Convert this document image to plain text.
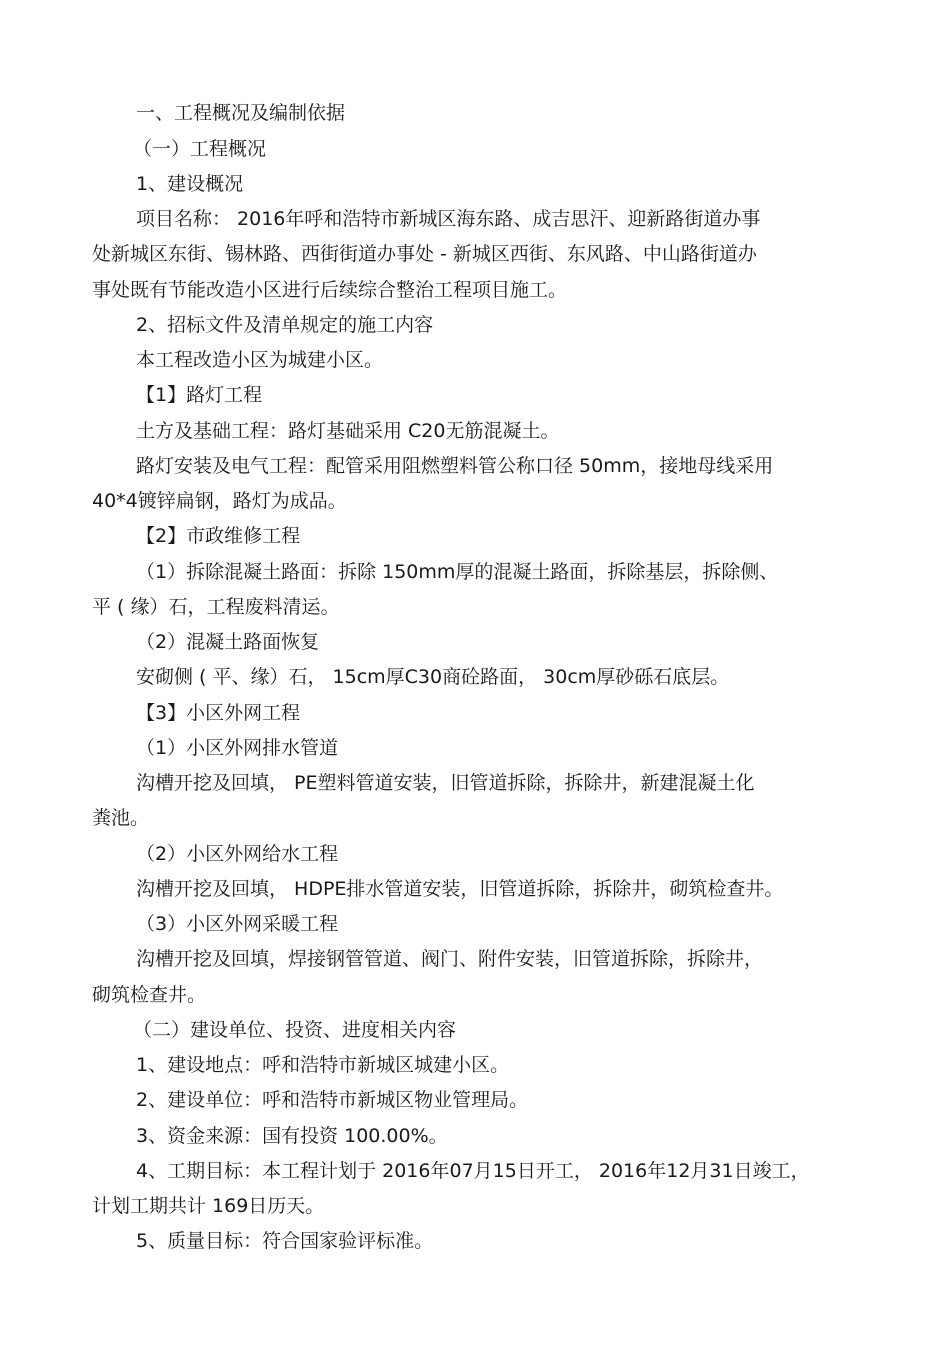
一、工程概况及编制依据
（一）工程概况
1、建设概况
项目名称： 2016年呼和浩特市新城区海东路、成吉思汗、迎新路街道办事
处新城区东街、锡林路、西街街道办事处 - 新城区西街、东风路、中山路街道办
事处既有节能改造小区进行后续综合整治工程项目施工。
2、招标文件及清单规定的施工内容
本工程改造小区为城建小区。
【1】路灯工程
土方及基础工程：路灯基础采用 C20无筋混凝土。
路灯安装及电气工程：配管采用阻燃塑料管公称口径 50mm，接地母线采用
40*4镀锌扁钢，路灯为成品。
【2】市政维修工程
（1）拆除混凝土路面：拆除 150mm厚的混凝土路面，拆除基层，拆除侧、
平 ( 缘）石，工程废料清运。
（2）混凝土路面恢复
安砌侧 ( 平、缘）石， 15cm厚C30商砼路面， 30cm厚砂砾石底层。
【3】小区外网工程
（1）小区外网排水管道
沟槽开挖及回填， PE塑料管道安装，旧管道拆除，拆除井，新建混凝土化
粪池。
（2）小区外网给水工程
沟槽开挖及回填， HDPE排水管道安装，旧管道拆除，拆除井，砌筑检查井。
（3）小区外网采暖工程
沟槽开挖及回填，焊接钢管管道、阀门、附件安装，旧管道拆除，拆除井，
砌筑检查井。
（二）建设单位、投资、进度相关内容
1、建设地点：呼和浩特市新城区城建小区。
2、建设单位：呼和浩特市新城区物业管理局。
3、资金来源：国有投资 100.00%。
4、工期目标：本工程计划于 2016年07月15日开工， 2016年12月31日竣工，
计划工期共计 169日历天。
5、质量目标：符合国家验评标准。
